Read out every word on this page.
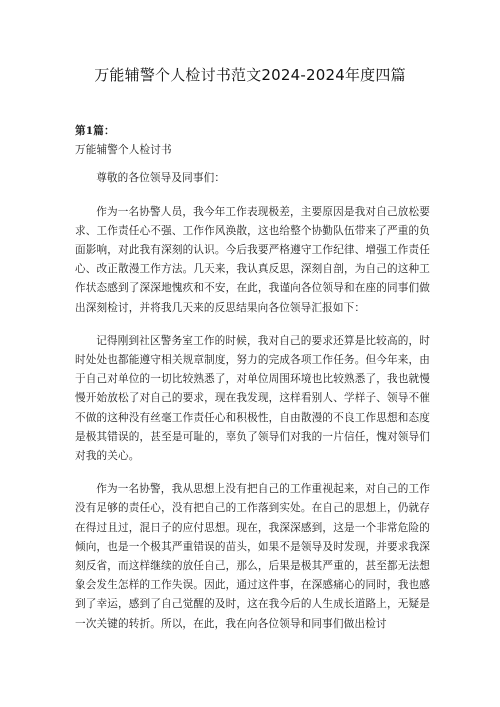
万能辅警个人检讨书范文2024-2024年度四篇

第1篇：

万能辅警个人检讨书

尊敬的各位领导及同事们：

作为一名协警人员，我今年工作表现极差，主要原因是我对自己放松要求、工作责任心不强、工作作风涣散，这也给整个协勤队伍带来了严重的负面影响，对此我有深刻的认识。今后我要严格遵守工作纪律、增强工作责任心、改正散漫工作方法。几天来，我认真反思，深刻自剖，为自己的这种工作状态感到了深深地愧疚和不安，在此，我谨向各位领导和在座的同事们做出深刻检讨，并将我几天来的反思结果向各位领导汇报如下：

记得刚到社区警务室工作的时候，我对自己的要求还算是比较高的，时时处处也都能遵守相关规章制度，努力的完成各项工作任务。但今年来，由于自己对单位的一切比较熟悉了，对单位周围环境也比较熟悉了，我也就慢慢开始放松了对自己的要求，现在我发现，这样看别人、学样子、领导不催不做的这种没有丝毫工作责任心和积极性，自由散漫的不良工作思想和态度是极其错误的，甚至是可耻的，辜负了领导们对我的一片信任，愧对领导们对我的关心。

作为一名协警，我从思想上没有把自己的工作重视起来，对自己的工作没有足够的责任心，没有把自己的工作落到实处。在自己的思想上，仍就存在得过且过，混日子的应付思想。现在，我深深感到，这是一个非常危险的倾向，也是一个极其严重错误的苗头，如果不是领导及时发现，并要求我深刻反省，而这样继续的放任自己，那么，后果是极其严重的，甚至都无法想象会发生怎样的工作失误。因此，通过这件事，在深感痛心的同时，我也感到了幸运，感到了自己觉醒的及时，这在我今后的人生成长道路上，无疑是一次关键的转折。所以，在此，我在向各位领导和同事们做出检讨
